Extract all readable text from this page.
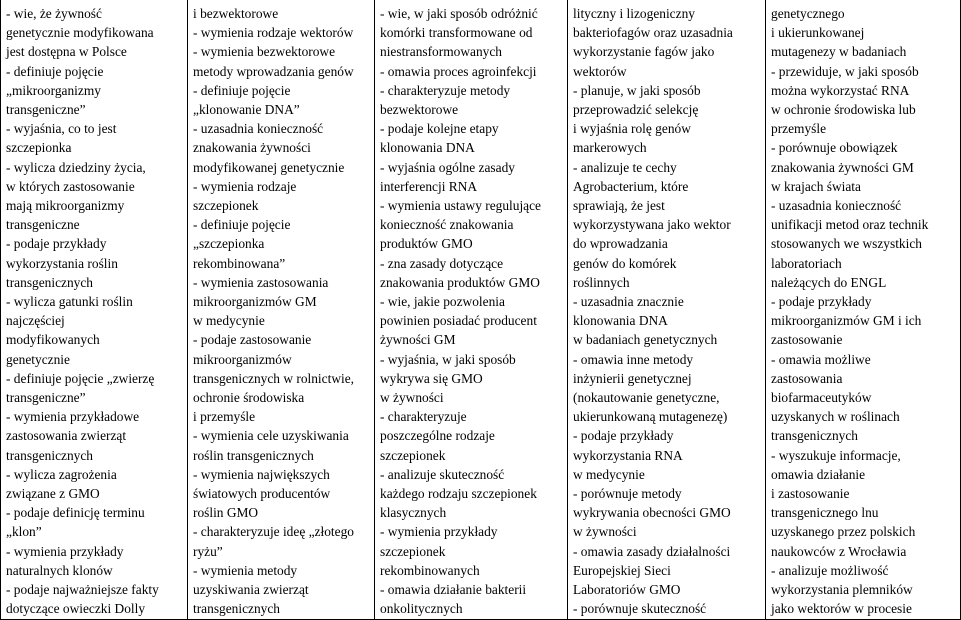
- wie, że żywność
genetycznie modyfikowana
jest dostępna w Polsce
- definiuje pojęcie
„mikroorganizmy
transgeniczne”
- wyjaśnia, co to jest
szczepionka
- wylicza dziedziny życia,
w których zastosowanie
mają mikroorganizmy
transgeniczne
- podaje przykłady
wykorzystania roślin
transgenicznych
- wylicza gatunki roślin
najczęściej
modyfikowanych
genetycznie
- definiuje pojęcie „zwierzę
transgeniczne”
- wymienia przykładowe
zastosowania zwierząt
transgenicznych
- wylicza zagrożenia
związane z GMO
- podaje definicję terminu
„klon”
- wymienia przykłady
naturalnych klonów
- podaje najważniejsze fakty
dotyczące owieczki Dolly

i bezwektorowe
- wymienia rodzaje wektorów
- wymienia bezwektorowe
metody wprowadzania genów
- definiuje pojęcie
„klonowanie DNA”
- uzasadnia konieczność
znakowania żywności
modyfikowanej genetycznie
- wymienia rodzaje
szczepionek
- definiuje pojęcie
„szczepionka
rekombinowana”
- wymienia zastosowania
mikroorganizmów GM
w medycynie
- podaje zastosowanie
mikroorganizmów
transgenicznych w rolnictwie,
ochronie środowiska
i przemyśle
- wymienia cele uzyskiwania
roślin transgenicznych
- wymienia największych
światowych producentów
roślin GMO
- charakteryzuje ideę „złotego
ryżu”
- wymienia metody
uzyskiwania zwierząt
transgenicznych

- wie, w jaki sposób odróżnić
komórki transformowane od
niestransformowanych
- omawia proces agroinfekcji
- charakteryzuje metody
bezwektorowe
- podaje kolejne etapy
klonowania DNA
- wyjaśnia ogólne zasady
interferencji RNA
- wymienia ustawy regulujące
konieczność znakowania
produktów GMO
- zna zasady dotyczące
znakowania produktów GMO
- wie, jakie pozwolenia
powinien posiadać producent
żywności GM
- wyjaśnia, w jaki sposób
wykrywa się GMO
w żywności
- charakteryzuje
poszczególne rodzaje
szczepionek
- analizuje skuteczność
każdego rodzaju szczepionek
klasycznych
- wymienia przykłady
szczepionek
rekombinowanych
- omawia działanie bakterii
onkolitycznych

lityczny i lizogeniczny
bakteriofagów oraz uzasadnia
wykorzystanie fagów jako
wektorów
- planuje, w jaki sposób
przeprowadzić selekcję
i wyjaśnia rolę genów
markerowych
- analizuje te cechy
Agrobacterium, które
sprawiają, że jest
wykorzystywana jako wektor
do wprowadzania
genów do komórek
roślinnych
- uzasadnia znacznie
klonowania DNA
w badaniach genetycznych
- omawia inne metody
inżynierii genetycznej
(nokautowanie genetyczne,
ukierunkowaną mutagenezę)
- podaje przykłady
wykorzystania RNA
w medycynie
- porównuje metody
wykrywania obecności GMO
w żywności
- omawia zasady działalności
Europejskiej Sieci
Laboratoriów GMO
- porównuje skuteczność

genetycznego
i ukierunkowanej
mutagenezy w badaniach
- przewiduje, w jaki sposób
można wykorzystać RNA
w ochronie środowiska lub
przemyśle
- porównuje obowiązek
znakowania żywności GM
w krajach świata
- uzasadnia konieczność
unifikacji metod oraz technik
stosowanych we wszystkich
laboratoriach
należących do ENGL
- podaje przykłady
mikroorganizmów GM i ich
zastosowanie
- omawia możliwe
zastosowania
biofarmaceutyków
uzyskanych w roślinach
transgenicznych
- wyszukuje informacje,
omawia działanie
i zastosowanie
transgenicznego lnu
uzyskanego przez polskich
naukowców z Wrocławia
- analizuje możliwość
wykorzystania plemników
jako wektorów w procesie
